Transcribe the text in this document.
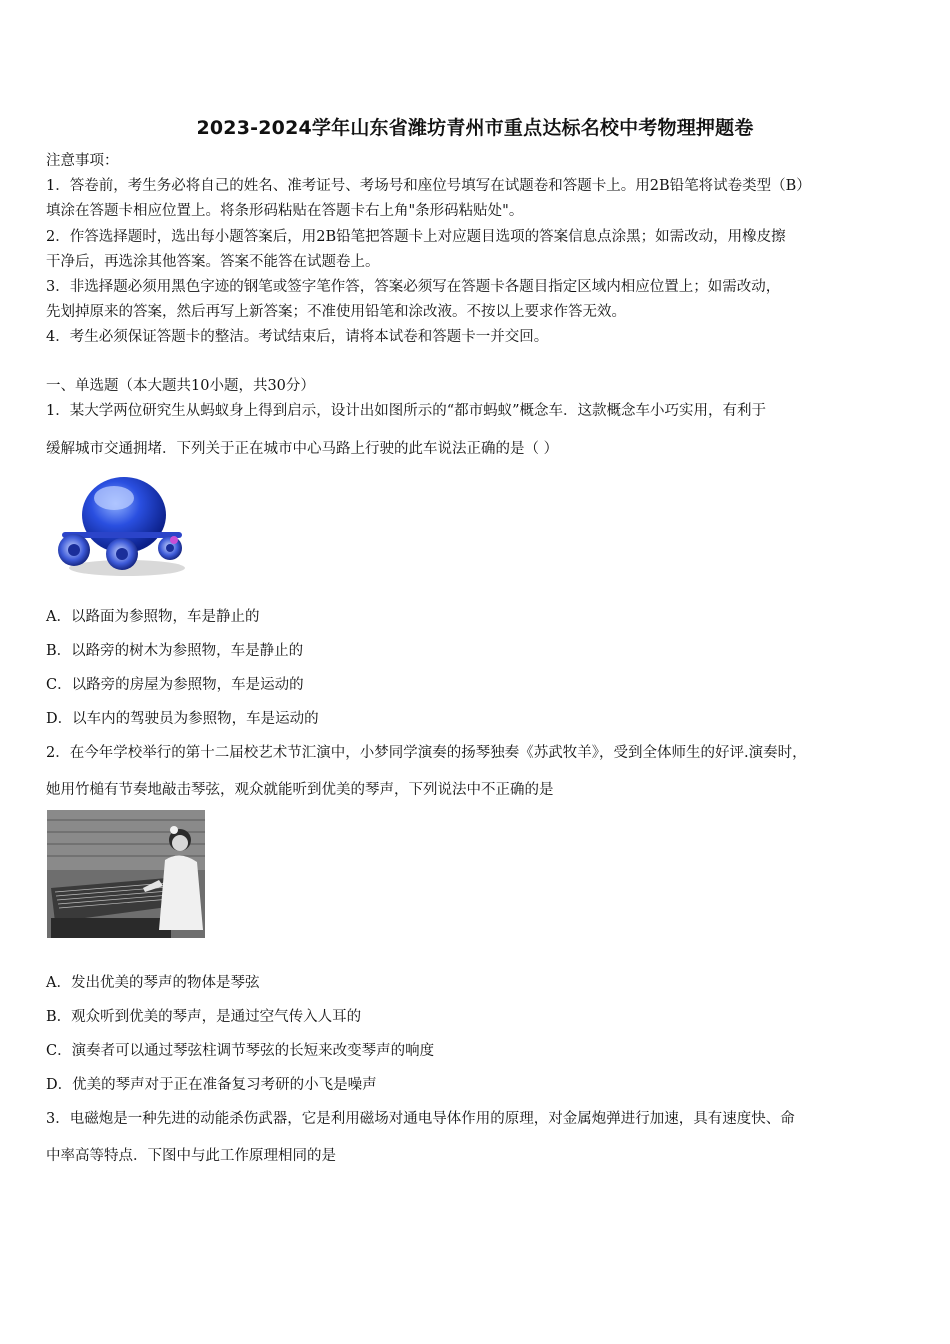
2023-2024学年山东省潍坊青州市重点达标名校中考物理押题卷
注意事项：
1．答卷前，考生务必将自己的姓名、准考证号、考场号和座位号填写在试题卷和答题卡上。用2B铅笔将试卷类型（B）
填涂在答题卡相应位置上。将条形码粘贴在答题卡右上角"条形码粘贴处"。
2．作答选择题时，选出每小题答案后，用2B铅笔把答题卡上对应题目选项的答案信息点涂黑；如需改动，用橡皮擦
干净后，再选涂其他答案。答案不能答在试题卷上。
3．非选择题必须用黑色字迹的钢笔或签字笔作答，答案必须写在答题卡各题目指定区域内相应位置上；如需改动，
先划掉原来的答案，然后再写上新答案；不准使用铅笔和涂改液。不按以上要求作答无效。
4．考生必须保证答题卡的整洁。考试结束后，请将本试卷和答题卡一并交回。
一、单选题（本大题共10小题，共30分）
1．某大学两位研究生从蚂蚁身上得到启示，设计出如图所示的“都市蚂蚁”概念车．这款概念车小巧实用，有利于
缓解城市交通拥堵．下列关于正在城市中心马路上行驶的此车说法正确的是（ ）
A．以路面为参照物，车是静止的
B．以路旁的树木为参照物，车是静止的
C．以路旁的房屋为参照物，车是运动的
D．以车内的驾驶员为参照物，车是运动的
2．在今年学校举行的第十二届校艺术节汇演中，小梦同学演奏的扬琴独奏《苏武牧羊》，受到全体师生的好评.演奏时，
她用竹槌有节奏地敲击琴弦，观众就能听到优美的琴声，下列说法中不正确的是
A．发出优美的琴声的物体是琴弦
B．观众听到优美的琴声，是通过空气传入人耳的
C．演奏者可以通过琴弦柱调节琴弦的长短来改变琴声的响度
D．优美的琴声对于正在准备复习考研的小飞是噪声
3．电磁炮是一种先进的动能杀伤武器，它是利用磁场对通电导体作用的原理，对金属炮弹进行加速，具有速度快、命
中率高等特点．下图中与此工作原理相同的是
